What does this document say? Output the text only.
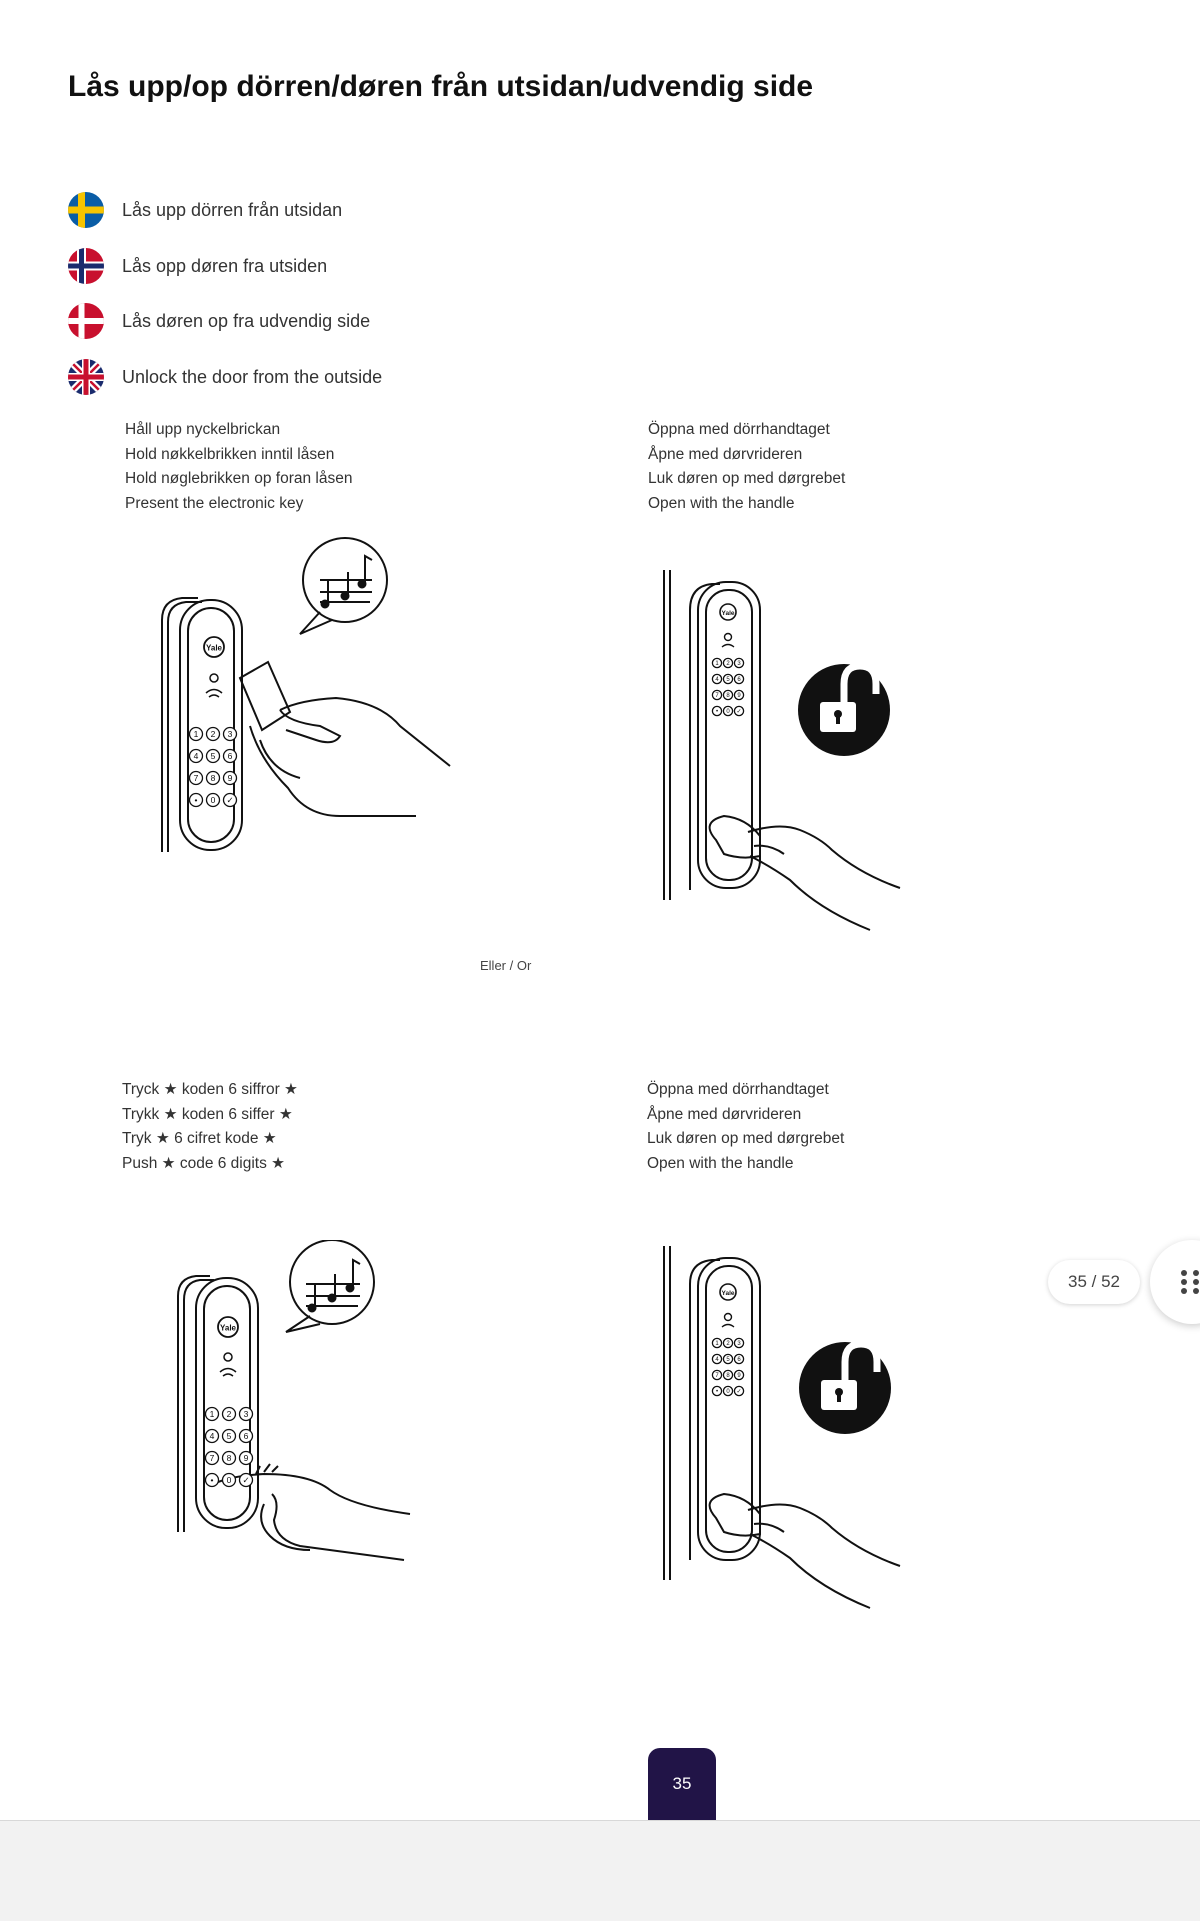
Lås upp/op dörren/døren från utsidan/udvendig side
Lås upp dörren från utsidan
Lås opp døren fra utsiden
Lås døren op fra udvendig side
Unlock the door from the outside
Håll upp nyckelbrickan
Hold nøkkelbrikken inntil låsen
Hold nøglebrikken op foran låsen
Present the electronic key
Öppna med dörrhandtaget
Åpne med dørvrideren
Luk døren op med dørgrebet
Open with the handle
Yale
1 2 3
4 5 6
7 8 9
• 0 ✓
Yale
1 2 3
4 5 6
7 8 9
• 0 ✓
Eller / Or
Tryck ★ koden 6 siffror ★
Trykk ★ koden 6 siffer ★
Tryk ★ 6 cifret kode ★
Push ★ code 6 digits ★
Öppna med dörrhandtaget
Åpne med dørvrideren
Luk døren op med dørgrebet
Open with the handle
Yale
1 2 3
4 5 6
7 8 9
• 0 ✓
Yale
1 2 3
4 5 6
7 8 9
• 0 ✓
35
35 / 52
